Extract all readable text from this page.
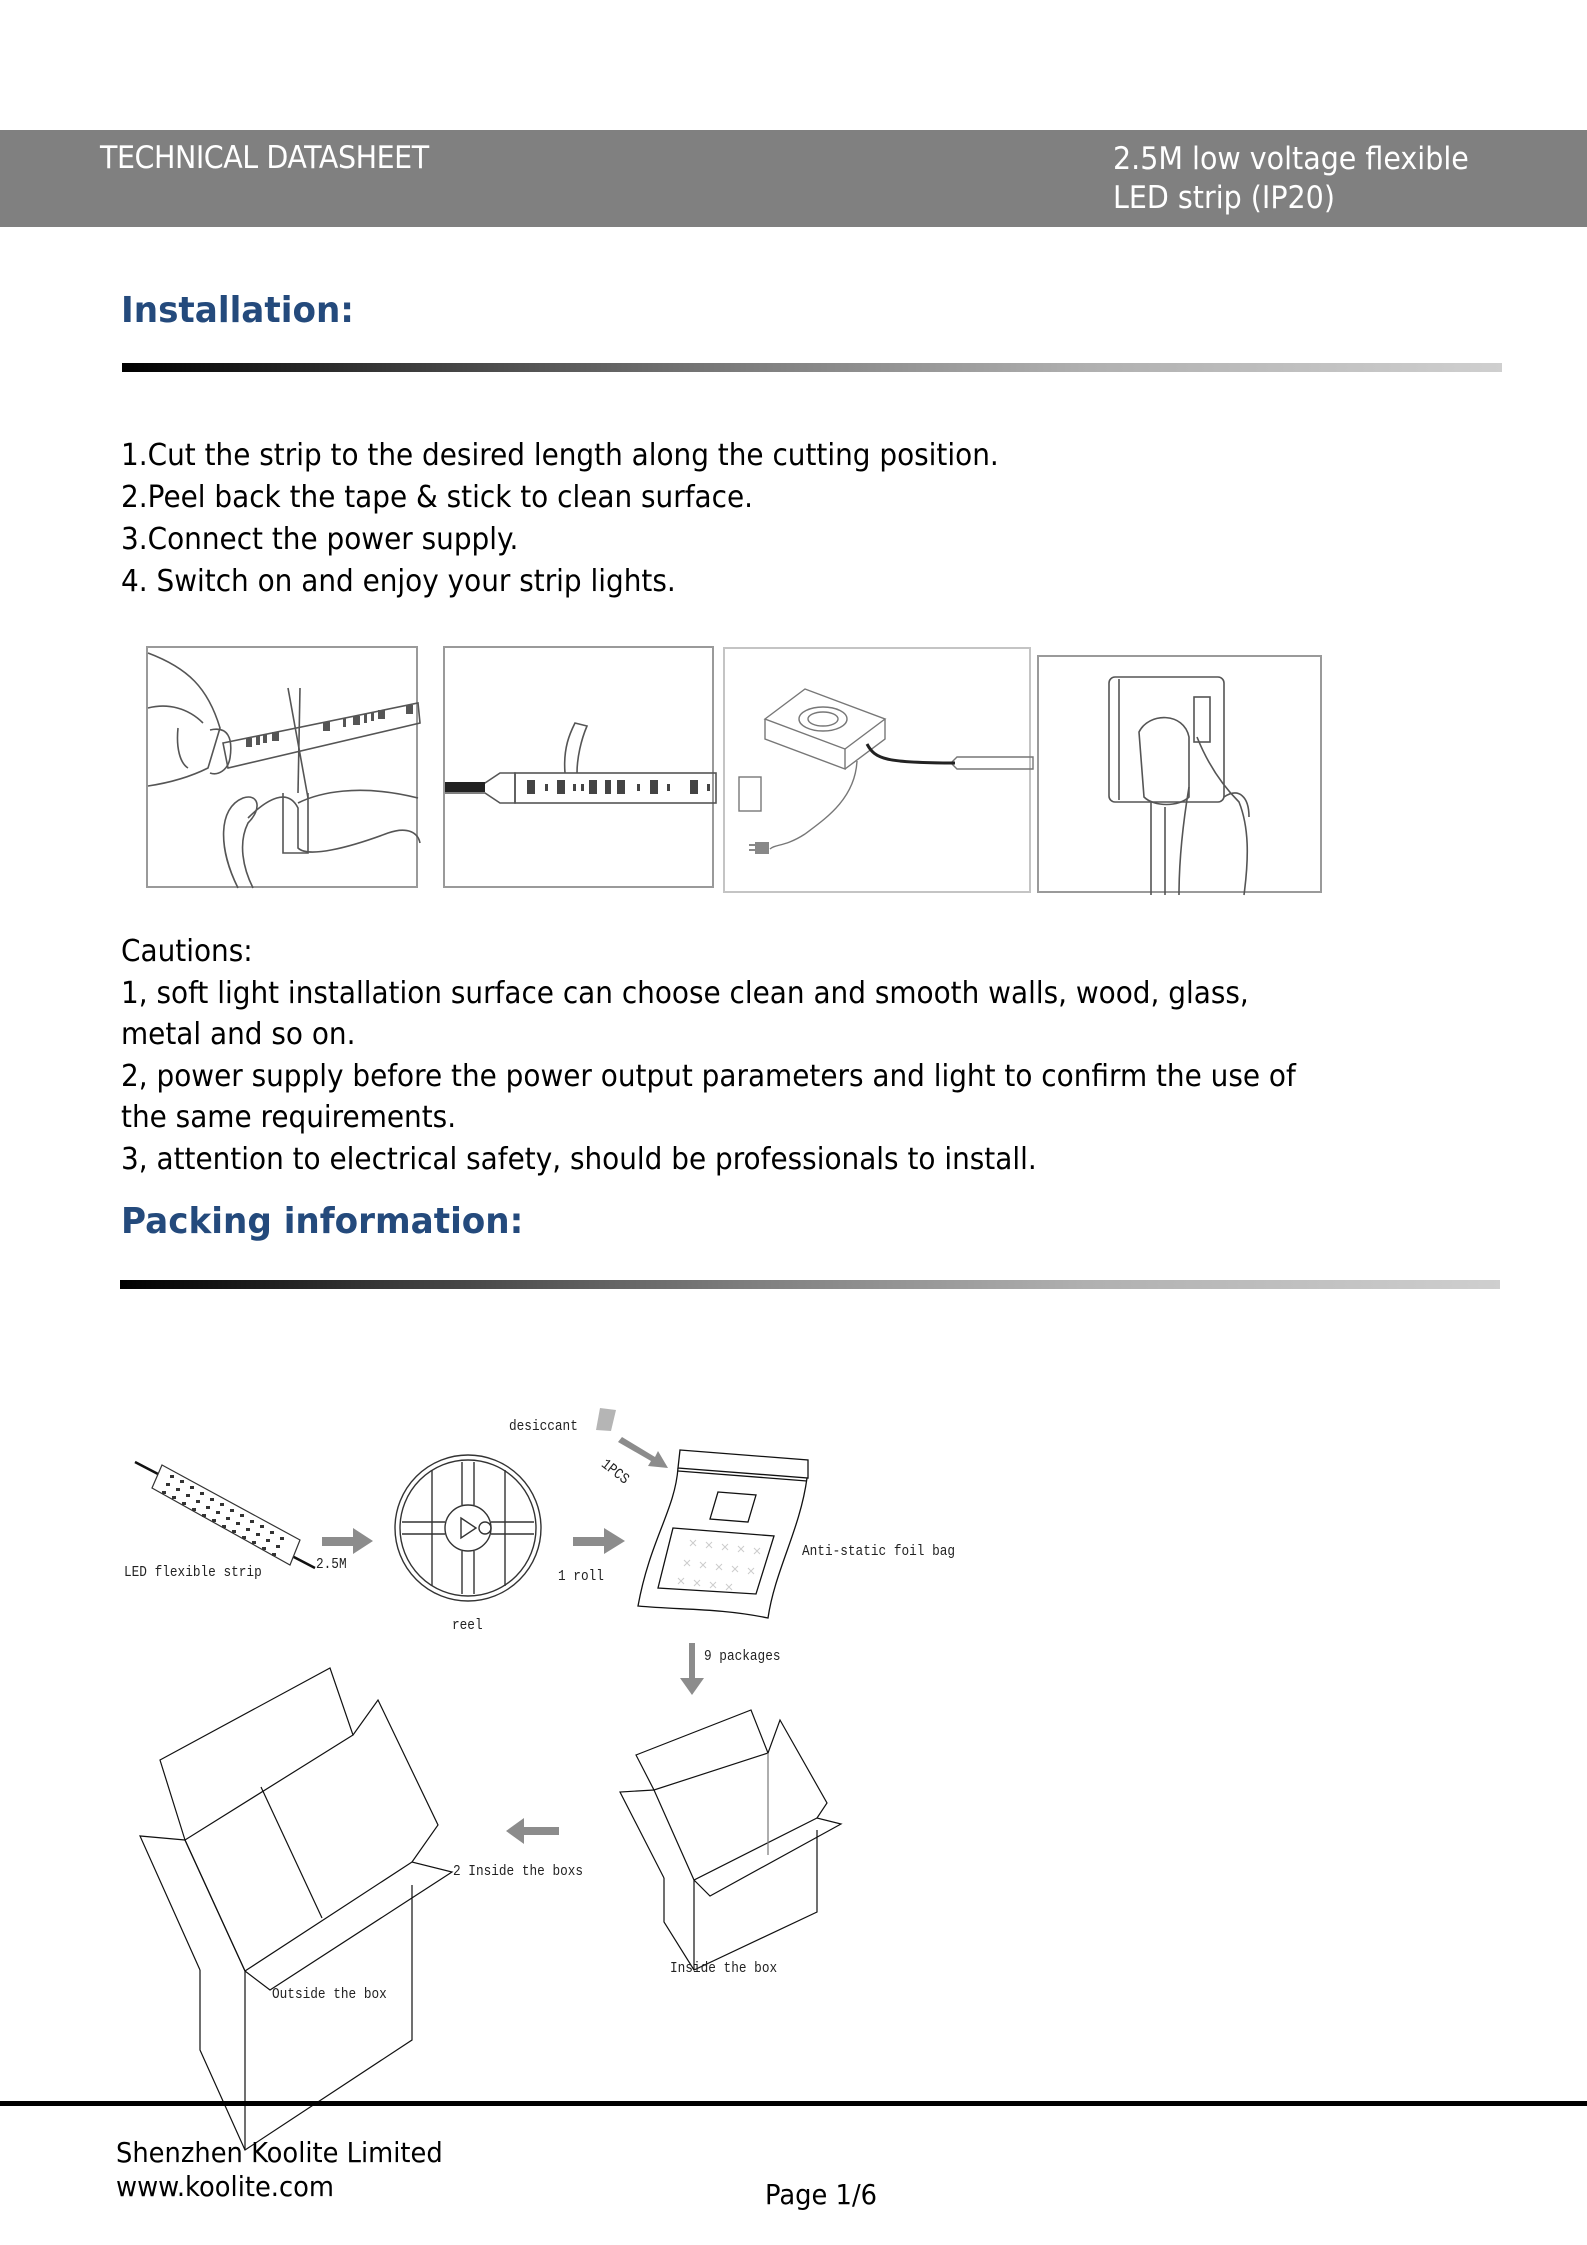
TECHNICAL DATASHEET	2.5M low voltage flexible
LED strip (IP20)
Installation:
1.Cut the strip to the desired length along the cutting position.
2.Peel back the tape & stick to clean surface.
3.Connect the power supply.
4. Switch on and enjoy your strip lights.
Cautions:
1, soft light installation surface can choose clean and smooth walls, wood, glass,
metal and so on.
2, power supply before the power output parameters and light to confirm the use of
the same requirements.
3, attention to electrical safety, should be professionals to install.
Packing information:
LED flexible strip	2.5M
reel
1 roll
desiccant
1PCS
Anti-static foil bag
9 packages
2 Inside the boxs
Inside the box
Outside the box
Shenzhen Koolite Limited
www.koolite.com	Page 1/6
